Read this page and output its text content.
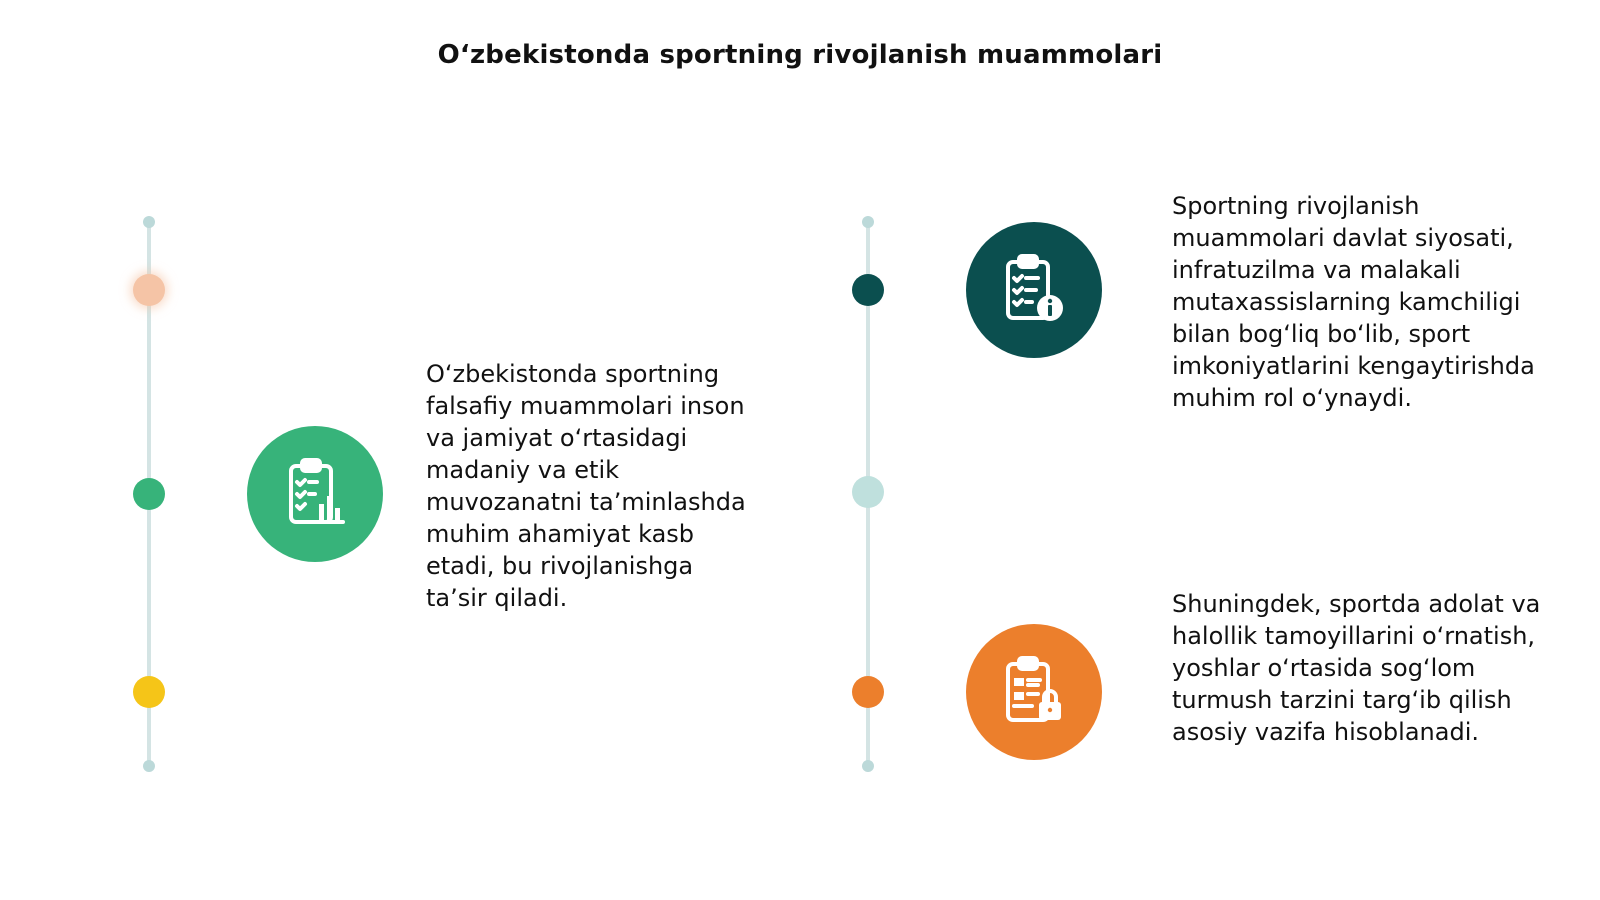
O‘zbekistonda sportning rivojlanish muammolari
O‘zbekistonda sportning falsafiy muammolari inson va jamiyat o‘rtasidagi madaniy va etik muvozanatni ta’minlashda muhim ahamiyat kasb etadi, bu rivojlanishga ta’sir qiladi.
Sportning rivojlanish muammolari davlat siyosati, infratuzilma va malakali mutaxassislarning kamchiligi bilan bog‘liq bo‘lib, sport imkoniyatlarini kengaytirishda muhim rol o‘ynaydi.
Shuningdek, sportda adolat va halollik tamoyillarini o‘rnatish, yoshlar o‘rtasida sog‘lom turmush tarzini targ‘ib qilish asosiy vazifa hisoblanadi.
